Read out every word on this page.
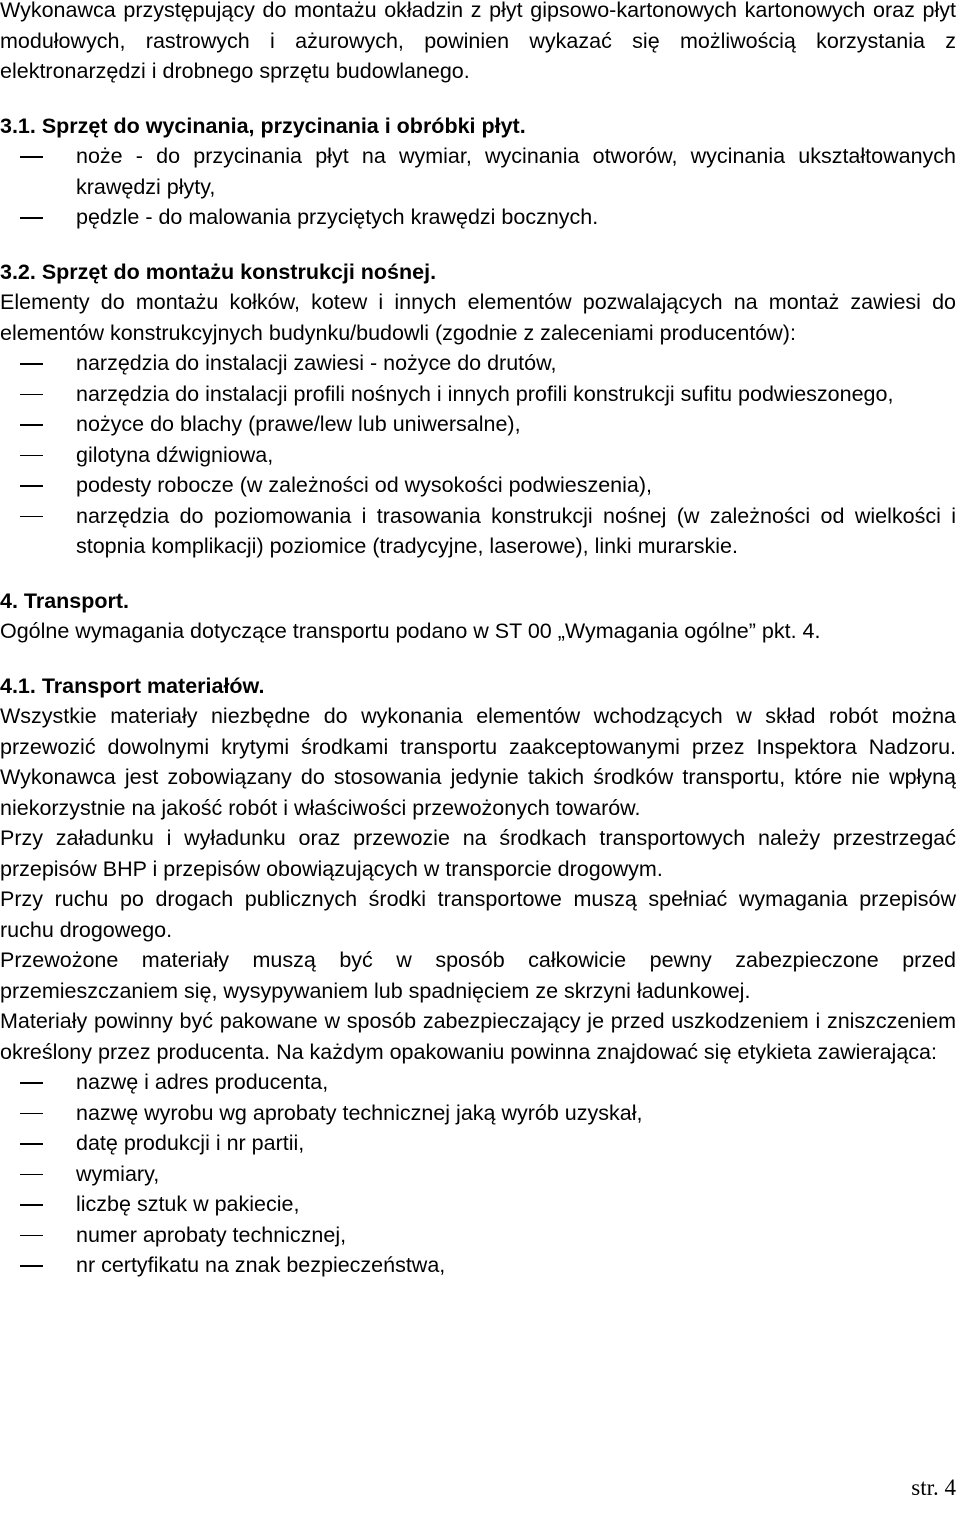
Wykonawca przystępujący do montażu okładzin z płyt gipsowo-kartonowych kartonowych oraz płyt modułowych, rastrowych i ażurowych, powinien wykazać się możliwością korzystania z elektronarzędzi i drobnego sprzętu budowlanego.

3.1. Sprzęt do wycinania, przycinania i obróbki płyt.

noże - do przycinania płyt na wymiar, wycinania otworów, wycinania ukształtowanych krawędzi płyty,
pędzle - do malowania przyciętych krawędzi bocznych.

3.2. Sprzęt do montażu konstrukcji nośnej.

Elementy do montażu kołków, kotew i innych elementów pozwalających na montaż zawiesi do elementów konstrukcyjnych budynku/budowli (zgodnie z zaleceniami producentów):

narzędzia do instalacji zawiesi - nożyce do drutów,
narzędzia do instalacji profili nośnych i innych profili konstrukcji sufitu podwieszonego,
nożyce do blachy (prawe/lew lub uniwersalne),
gilotyna dźwigniowa,
podesty robocze (w zależności od wysokości podwieszenia),
narzędzia do poziomowania i trasowania konstrukcji nośnej (w zależności od wielkości i stopnia komplikacji) poziomice (tradycyjne, laserowe), linki murarskie.

4. Transport.

Ogólne wymagania dotyczące transportu podano w ST 00 „Wymagania ogólne” pkt. 4.

4.1. Transport materiałów.

Wszystkie materiały niezbędne do wykonania elementów wchodzących w skład robót można przewozić dowolnymi krytymi środkami transportu zaakceptowanymi przez Inspektora Nadzoru. Wykonawca jest zobowiązany do stosowania jedynie takich środków transportu, które nie wpłyną niekorzystnie na jakość robót i właściwości przewożonych towarów.

Przy załadunku i wyładunku oraz przewozie na środkach transportowych należy przestrzegać przepisów BHP i przepisów obowiązujących w transporcie drogowym.

Przy ruchu po drogach publicznych środki transportowe muszą spełniać wymagania przepisów ruchu drogowego.

Przewożone materiały muszą być w sposób całkowicie pewny zabezpieczone przed przemieszczaniem się, wysypywaniem lub spadnięciem ze skrzyni ładunkowej.

Materiały powinny być pakowane w sposób zabezpieczający je przed uszkodzeniem i zniszczeniem określony przez producenta. Na każdym opakowaniu powinna znajdować się etykieta zawierająca:

nazwę i adres producenta,
nazwę wyrobu wg aprobaty technicznej jaką wyrób uzyskał,
datę produkcji i nr partii,
wymiary,
liczbę sztuk w pakiecie,
numer aprobaty technicznej,
nr certyfikatu na znak bezpieczeństwa,
str. 4
